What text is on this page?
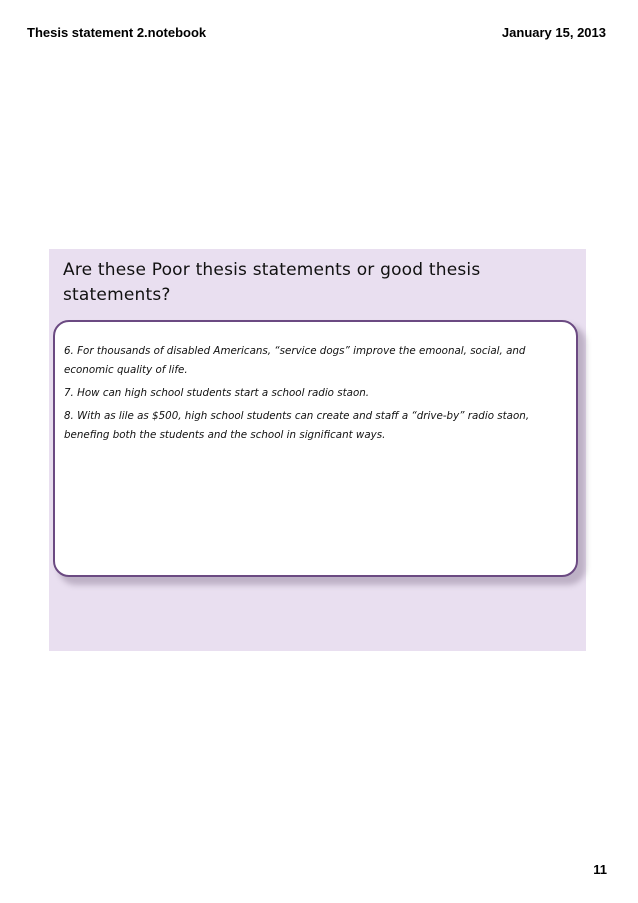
Thesis statement 2.notebook	January 15, 2013
Are these Poor thesis statements or good thesis statements?
6. For thousands of disabled Americans, “service dogs” improve the emoonal, social, and economic quality of life.
7. How can high school students start a school radio staon.
8. With as lile as $500, high school students can create and staff a “drive-by” radio staon, benefing both the students and the school in significant ways.
11
